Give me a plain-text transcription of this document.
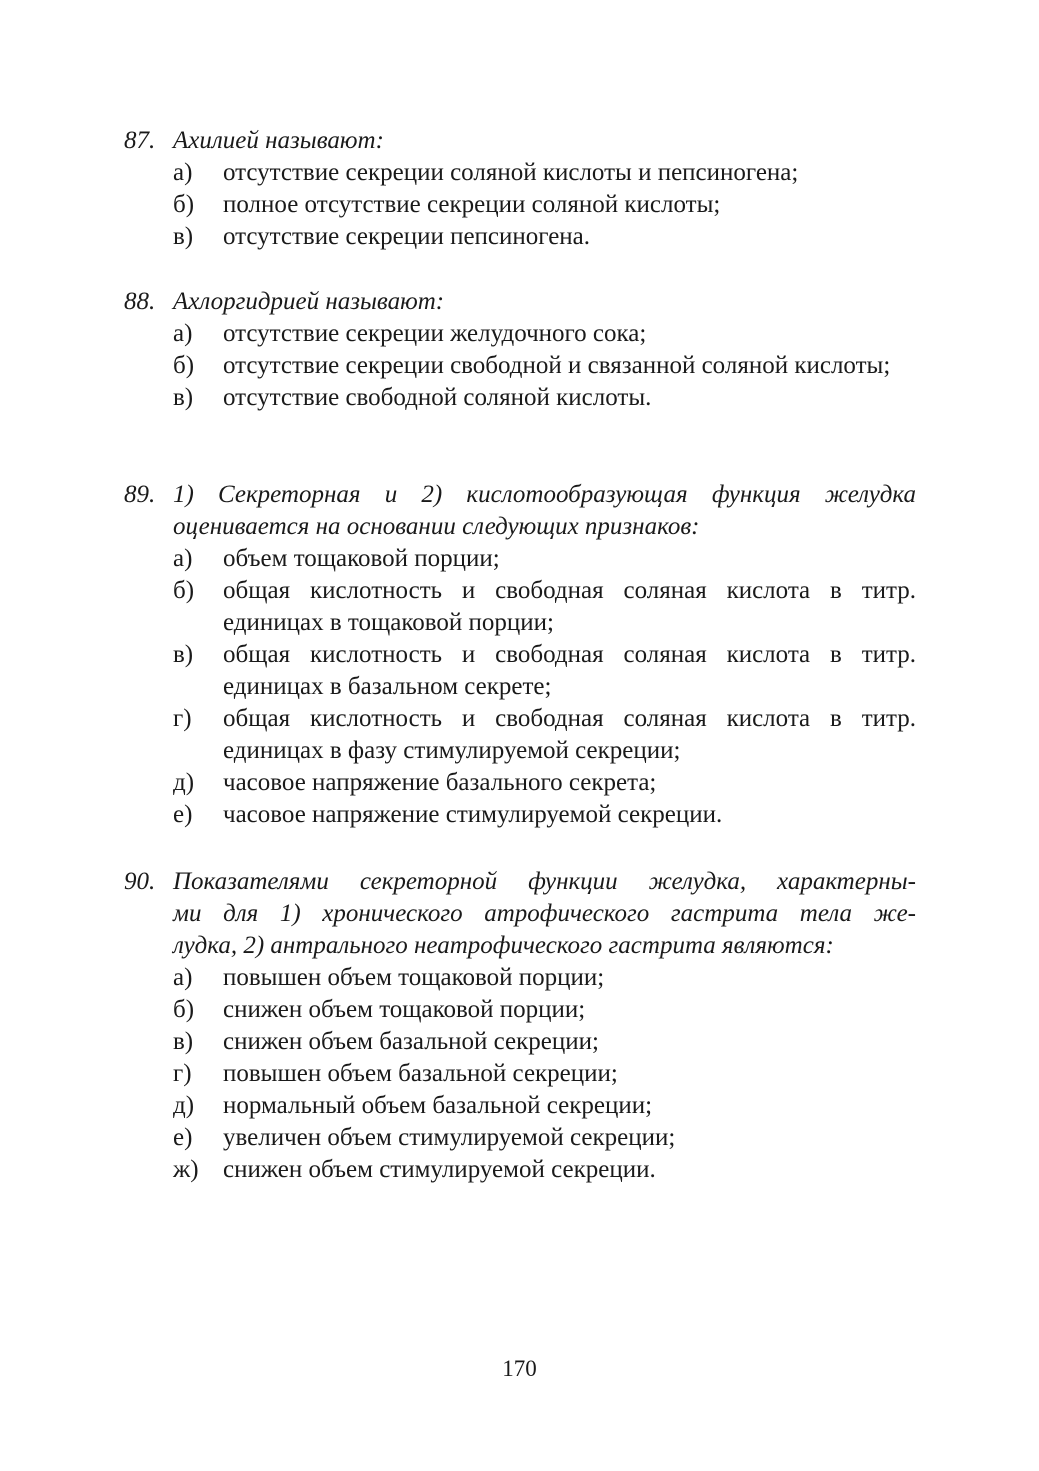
87. Ахилией называют:
а)	отсутствие секреции соляной кислоты и пепсиногена;
б)	полное отсутствие секреции соляной кислоты;
в)	отсутствие секреции пепсиногена.
88. Ахлоргидрией называют:
а)	отсутствие секреции желудочного сока;
б)	отсутствие секреции свободной и связанной соляной кислоты;
в)	отсутствие свободной соляной кислоты.
89. 1) Секреторная и 2) кислотообразующая функция желудка оценивается на основании следующих признаков:
а)	объем тощаковой порции;
б)	общая кислотность и свободная соляная кислота в титр. единицах в тощаковой порции;
в)	общая кислотность и свободная соляная кислота в титр. единицах в базальном секрете;
г)	общая кислотность и свободная соляная кислота в титр. единицах в фазу стимулируемой секреции;
д)	часовое напряжение базального секрета;
е)	часовое напряжение стимулируемой секреции.
90. Показателями секреторной функции желудка, характерны-
ми для 1) хронического атрофического гастрита тела же-
лудка, 2) антрального неатрофического гастрита являются:
а)	повышен объем тощаковой порции;
б)	снижен объем тощаковой порции;
в)	снижен объем базальной секреции;
г)	повышен объем базальной секреции;
д)	нормальный объем базальной секреции;
е)	увеличен объем стимулируемой секреции;
ж) снижен объем стимулируемой секреции.
170
